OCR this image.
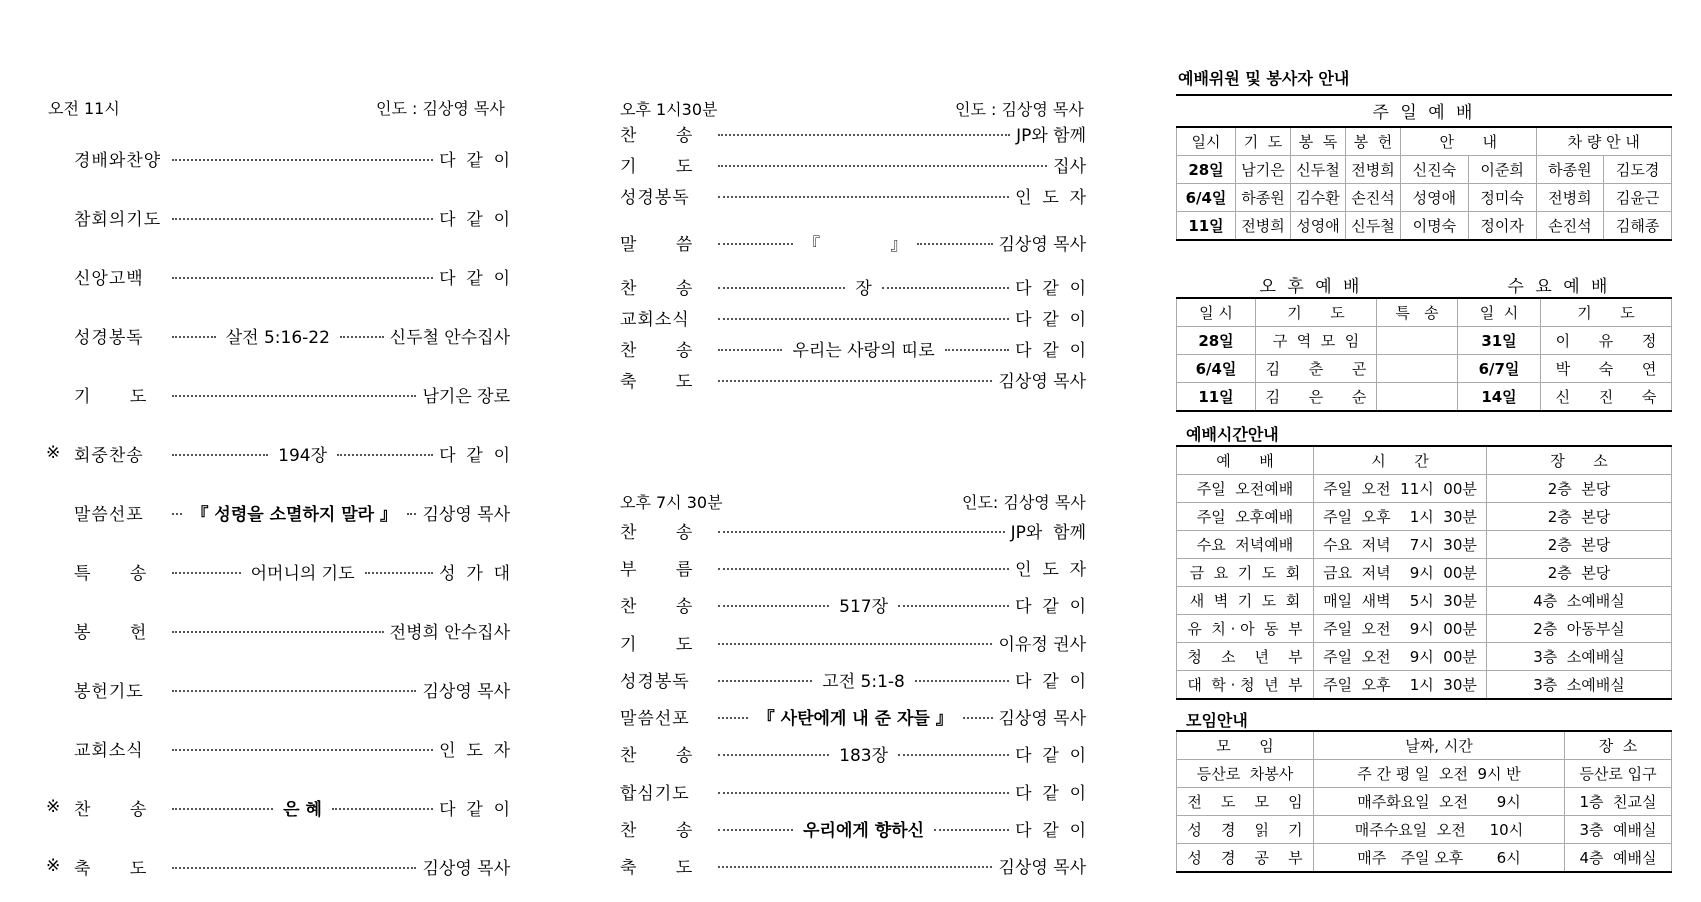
오전 11시	인도 : 김상영 목사
경배와찬양	다  같  이
참회의기도	다  같  이
신앙고백	다  같  이
성경봉독	살전 5:16-22	신두철 안수집사
기      도	남기은 장로
※ 회중찬송	194장	다  같  이
말씀선포	『 성령을 소멸하지 말라 』 김상영 목사
특      송	어머니의 기도	성  가  대
봉      헌	전병희 안수집사
봉헌기도	김상영 목사
교회소식	인  도  자
※ 찬      송	은 혜	다  같  이
※ 축      도	김상영 목사
오후 1시30분	인도 : 김상영 목사
찬      송	JP와 함께
기      도	집사
성경봉독	인  도  자
말      씀	『             』	김상영 목사
찬      송	장	다  같  이
교회소식	다  같  이
찬      송	우리는 사랑의 띠로	다  같  이
축      도	김상영 목사
오후 7시 30분	인도: 김상영 목사
찬      송	JP와  함께
부      름	인  도  자
찬      송	517장	다  같  이
기      도	이유정 권사
성경봉독	고전 5:1-8	다  같  이
말씀선포	『 사탄에게 내 준 자들 』	김상영 목사
찬      송	183장	다  같  이
합심기도	다  같  이
찬      송	우리에게 향하신	다  같  이
축      도	김상영 목사
예배위원 및 봉사자 안내
주 일 예 배
일시	기  도	봉  독	봉  헌	안      내		차 량 안 내	
28일	남기은	신두철	전병희	신진숙	이준희	하종원	김도경
6/4일	하종원	김수환	손진석	성영애	정미숙	전병희	김윤근
11일	전병희	성영애	신두철	이명숙	정이자	손진석	김해종
오 후 예 배	수 요 예 배
일 시	기      도	특   송	일  시	기      도
28일	구  역  모  임		31일	이      유      정
6/4일	김      춘      곤		6/7일	박      숙      연
11일	김      은      순		14일	신      진      숙
예배시간안내
예      배	시      간	장      소
주일  오전예배	주일  오전  11시  00분	2층  본당
주일  오후예배	주일  오후    1시  30분	2층  본당
수요  저녁예배	수요  저녁    7시  30분	2층  본당
금  요  기  도  회	금요  저녁    9시  00분	2층  본당
새  벽  기  도  회	매일  새벽    5시  30분	4층  소예배실
유  치 · 아  동  부	주일  오전    9시  00분	2층  아동부실
청    소    년    부	주일  오전    9시  00분	3층  소예배실
대  학 · 청  년  부	주일  오후    1시  30분	3층  소예배실
모임안내
모      임	날짜, 시간	장  소
등산로  차봉사	주 간 평 일  오전  9시 반	등산로 입구
전    도    모    임	매주화요일  오전      9시	1층  친교실
성    경    읽    기	매주수요일  오전     10시	3층  예배실
성    경    공    부	매주   주일 오후       6시	4층  예배실
